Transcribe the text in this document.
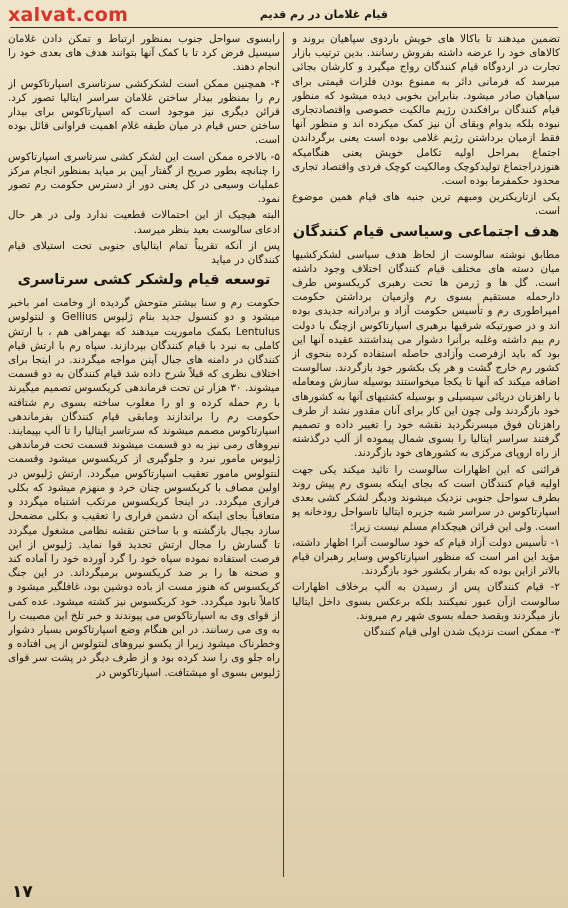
xalvat.com	قیام غلامان در رم قدیم

تضمین میدهند تا باکالا های خویش باردوی سپاهیان بروند و کالاهای خود را عرضه داشته بفروش رسانند. بدین ترتیب بازار تجارت در اردوگاه قیام کنندگان رواج میگیرد و کارشان بجائی میرسد که فرمانی دائر به ممنوع بودن فلزات قیمتی برای سپاهیان صادر میشود. بنابراین بخوبی دیده میشود که منظور قیام کنندگان برافکندن رژیم مالکیت خصوصی واقتصادتجاری نبوده بلکه بدوام وبقای آن نیز کمک میکرده اند و منظور آنها فقط ازمیان برداشتن رژیم غلامی بوده است یعنی برگرداندن اجتماع بمراحل اولیه تکامل خویش یعنی هنگامیکه هنوزدراجتماع تولیدکوچک ومالکیت کوچک فردی واقتصاد تجاری محدود حکمفرما بوده است.

یکی ازتاریکترین ومبهم ترین جنبه های قیام همین موضوع است.

هدف اجتماعی وسیاسی قیام کنندگان

مطابق نوشته سالوست از لحاظ هدف سیاسی لشکرکشیها میان دسته های مختلف قیام کنندگان اختلاف وجود داشته است. گل ها و ژرمن ها تحت رهبری کریکسوس طرف دارحمله مستقیم بسوی رم وازمیان برداشتن حکومت امپراطوری رم و تأسیس حکومت آزاد و برادرانه جدیدی بوده اند و در صورتیکه شرقیها برهبری اسپارتاکوس ازچنگ با دولت رم بیم داشته وغلبه برآنرا دشوار می پنداشتند عقیده آنها این بود که باید ازفرصت وآزادی حاصله استفاده کرده بنحوی از کشور رم خارج گشت و هر یک بکشور خود بازگردند. سالوست اضافه میکند که آنها تا یکجا میخواستند بوسیله سازش ومعامله با راهزنان دریائی سیسیلی و بوسیله کشتیهای آنها به کشورهای خود بازگردند ولی چون این کار برای آنان مقدور نشد از طرف راهزنان فوق میسرنگردید نقشه خود را تغییر داده و تصمیم گرفتند سراسر ایتالیا را بسوی شمال پیموده از آلپ درگذشته از راه اروپای مرکزی به کشورهای خود بازگردند.

قرائنی که این اظهارات سالوست را تائید میکند یکی جهت اولیه قیام کنندگان است که بجای اینکه بسوی رم پیش روند بطرف سواحل جنوبی نزدیک میشوند ودیگر لشکر کشی بعدی اسپارتاکوس در سراسر شبه جزیره ایتالیا تاسواحل رودخانه پو است. ولی این قرائن هیچکدام مسلم نیست زیرا:

۱- تأسیس دولت آزاد قیام که خود سالوست آنرا اظهار داشته، مؤید این امر است که منظور اسپارتاکوس وسایر رهبران قیام بالاتر ازاین بوده که بفرار بکشور خود بازگردند.

۲- قیام کنندگان پس از رسیدن به آلپ برخلاف اظهارات سالوست ازآن عبور نمیکنند بلکه برعکس بسوی داخل ایتالیا باز میگردند وبقصد حمله بسوی شهر رم میروند.

۳- ممکن است نزدیک شدن اولی قیام کنندگان

رابسوی سواحل جنوب بمنظور ارتباط و تمکن دادن غلامان سیسیل فرض کرد تا با کمک آنها بتوانند هدف های بعدی خود را انجام دهند.

۴- همچنین ممکن است لشکرکشی سرتاسری اسپارتاکوس از رم را بمنظور بیدار ساختن غلامان سراسر ایتالیا تصور کرد. قرائن دیگری نیز موجود است که اسپارتاکوس برای بیدار ساختن حس قیام در میان طبقه غلام اهمیت فراوانی قائل بوده است.

۵- بالاخره ممکن است این لشکر کشی سرتاسری اسپارتاکوس را چنانچه بطور صریح از گفتار آپین بر میاید بمنظور انجام مرکز عملیات وسیعی در کل یعنی دور از دسترس حکومت رم تصور نمود.

البته هیچیک از این احتمالات قطعیت ندارد ولی در هر حال ادعای سالوست بعید بنظر میرسد.

پس از آنکه تقریباً تمام ایتالیای جنوبی تحت استیلای قیام کنندگان در میاید

توسعه قیام ولشکر کشی سرتاسری

حکومت رم و سنا بیشتر متوحش گردیده از وخامت امر باخبر میشود و دو کنسول جدید بنام ژلیوس Gellius و لنتولوس Lentulus بکمک ماموریت میدهند که بهمراهی هم ، با ارتش کاملی به نبرد با قیام کنندگان بپردازند. سپاه رم با ارتش قیام کنندگان در دامنه های جبال آپنن مواجه میگردند. در اینجا برای اختلاف نظری که قبلاً شرح داده شد قیام کنندگان به دو قسمت میشوند. ۳۰ هزار تن تحت فرماندهی کریکسوس تصمیم میگیرند با رم حمله کرده و او را مغلوب ساخته بسوی رم شتافته حکومت رم را براندازند ومابقی قیام کنندگان بفرماندهی اسپارتاکوس مصمم میشوند که سرتاسر ایتالیا را تا آلپ بپیمایند. نیروهای رمی نیز به دو قسمت میشوند قسمت تحت فرماندهی ژلیوس مامور نبرد و جلوگیری از کریکسوس میشود وقسمت لنتولوس مامور تعقیب اسپارتاکوس میگردد. ارتش ژلیوس در اولین مصاف با کریکسوس چنان خرد و منهزم میشود که بکلی فراری میگردد. در اینجا کریکسوس مرتکب اشتباه میگردد و متعاقباً بجای اینکه آن دشمن فراری را تعقیب و بکلی مضمحل سازد بجبال بازگشته و با ساختن نقشه نظامی مشغول میگردد تا گسارش را مجال ارتش تجدید قوا نماید. ژلیوس از این فرصت استفاده نموده سپاه خود را گرد آورده خود را آماده کند و صحنه ها را بر ضد کریکسوس برمیگرداند. در این جنگ کریکسوس که هنوز مست از باده دوشین بود، غافلگیر میشود و کاملاً نابود میگردد. خود کریکسوس نیز کشته میشود. عده کمی از قوای وی به اسپارتاکوس می پیوندند و خبر تلخ این مصیبت را به وی می رسانند. در این هنگام وضع اسپارتاکوس بسیار دشوار وخطرناک میشود زیرا از یکسو نیروهای لنتولوس از پی افتاده و راه جلو وی را سد کرده بود و از طرف دیگر در پشت سر قوای ژلیوس بسوی او میشتافت. اسپارتاکوس در

۱۷
